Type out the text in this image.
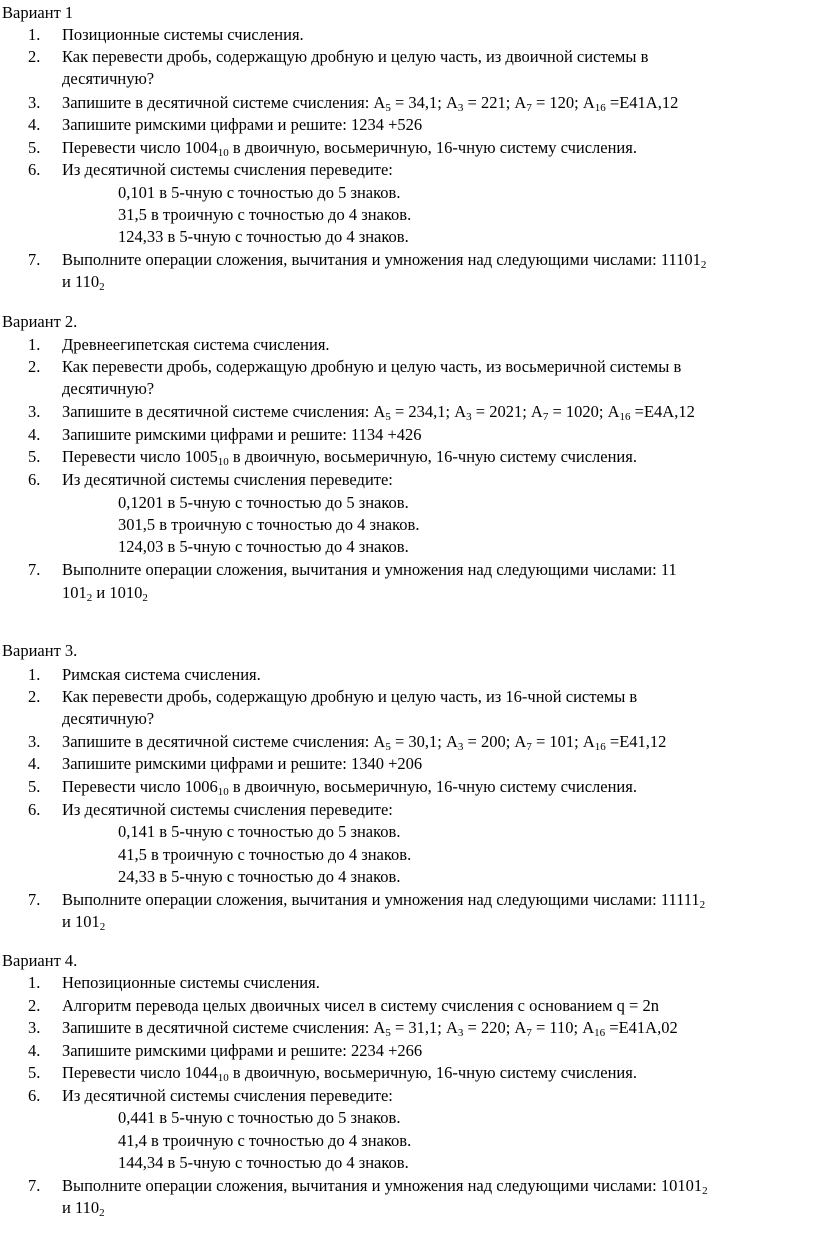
Вариант 1
1. Позиционные системы счисления.
2. Как перевести дробь, содержащую дробную и целую часть, из двоичной системы в
десятичную?
3. Запишите в десятичной системе счисления: $А_5 = 34,1$; $А_3 = 221$; $А_7 = 120$; $А_{16} =Е41А,12$
4. Запишите римскими цифрами и решите: 1234 +526
5. Перевести число $1004_{10}$ в двоичную, восьмеричную, 16-чную систему счисления.
6. Из десятичной системы счисления переведите:
0,101 в 5-чную с точностью до 5 знаков.
31,5 в троичную с точностью до 4 знаков.
124,33 в 5-чную с точностью до 4 знаков.
7. Выполните операции сложения, вычитания и умножения над следующими числами: $11101_2$
и $110_2$
Вариант 2.
1. Древнеегипетская система счисления.
2. Как перевести дробь, содержащую дробную и целую часть, из восьмеричной системы в
десятичную?
3. Запишите в десятичной системе счисления: $А_5 = 234,1$; $А_3 = 2021$; $А_7 = 1020$; $А_{16} =Е4А,12$
4. Запишите римскими цифрами и решите: 1134 +426
5. Перевести число $1005_{10}$ в двоичную, восьмеричную, 16-чную систему счисления.
6. Из десятичной системы счисления переведите:
0,1201 в 5-чную с точностью до 5 знаков.
301,5 в троичную с точностью до 4 знаков.
124,03 в 5-чную с точностью до 4 знаков.
7. Выполните операции сложения, вычитания и умножения над следующими числами: 11
$101_2$ и $1010_2$
Вариант 3.
1. Римская система счисления.
2. Как перевести дробь, содержащую дробную и целую часть, из 16-чной системы в
десятичную?
3. Запишите в десятичной системе счисления: $А_5 = 30,1$; $А_3 = 200$; $А_7 = 101$; $А_{16} =Е41,12$
4. Запишите римскими цифрами и решите: 1340 +206
5. Перевести число $1006_{10}$ в двоичную, восьмеричную, 16-чную систему счисления.
6. Из десятичной системы счисления переведите:
0,141 в 5-чную с точностью до 5 знаков.
41,5 в троичную с точностью до 4 знаков.
24,33 в 5-чную с точностью до 4 знаков.
7. Выполните операции сложения, вычитания и умножения над следующими числами: $11111_2$
и $101_2$
Вариант 4.
1. Непозиционные системы счисления.
2. Алгоритм перевода целых двоичных чисел в систему счисления с основанием q = 2n
3. Запишите в десятичной системе счисления: $А_5 = 31,1$; $А_3 = 220$; $А_7 = 110$; $А_{16} =Е41А,02$
4. Запишите римскими цифрами и решите: 2234 +266
5. Перевести число $1044_{10}$ в двоичную, восьмеричную, 16-чную систему счисления.
6. Из десятичной системы счисления переведите:
0,441 в 5-чную с точностью до 5 знаков.
41,4 в троичную с точностью до 4 знаков.
144,34 в 5-чную с точностью до 4 знаков.
7. Выполните операции сложения, вычитания и умножения над следующими числами: $10101_2$
и $110_2$
